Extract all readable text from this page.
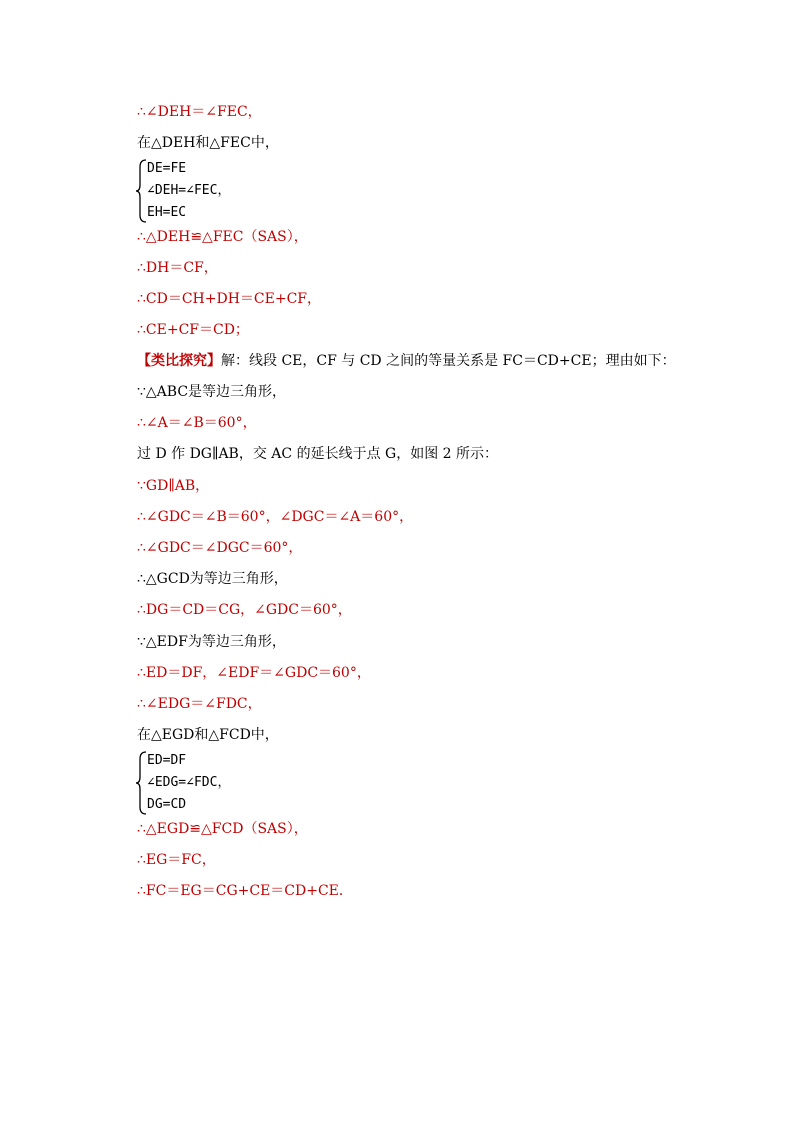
∴∠DEH＝∠FEC，
在△DEH和△FEC中，
DE=FE
∠DEH=∠FEC，
EH=EC
∴△DEH≌△FEC（SAS），
∴DH＝CF，
∴CD＝CH+DH＝CE+CF，
∴CE+CF＝CD；
【类比探究】解：线段 CE，CF 与 CD 之间的等量关系是 FC＝CD+CE；理由如下：
∵△ABC是等边三角形，
∴∠A＝∠B＝60°，
过 D 作 DG∥AB，交 AC 的延长线于点 G，如图 2 所示：
∵GD∥AB，
∴∠GDC＝∠B＝60°，∠DGC＝∠A＝60°，
∴∠GDC＝∠DGC＝60°，
∴△GCD为等边三角形，
∴DG＝CD＝CG，∠GDC＝60°，
∵△EDF为等边三角形，
∴ED＝DF，∠EDF＝∠GDC＝60°，
∴∠EDG＝∠FDC，
在△EGD和△FCD中，
ED=DF
∠EDG=∠FDC，
DG=CD
∴△EGD≌△FCD（SAS），
∴EG＝FC，
∴FC＝EG＝CG+CE＝CD+CE．
